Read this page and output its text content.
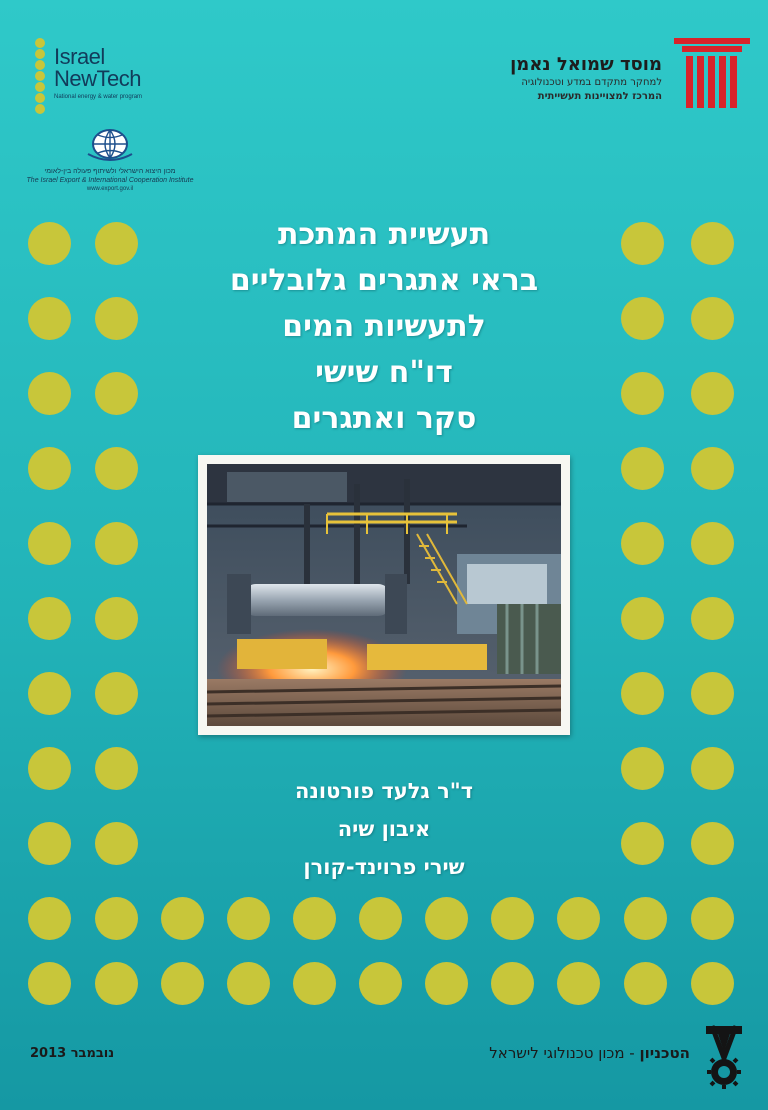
Israel
NewTech
National energy & water program
מכון היצוא הישראלי ולשיתוף פעולה בין-לאומי
The Israel Export & International Cooperation Institute
www.export.gov.il
מוסד שמואל נאמן
למחקר מתקדם במדע וטכנולוגיה
המרכז למצויינות תעשייתית
תעשיית המתכת
בראי אתגרים גלובליים
לתעשיות המים
דו"ח שישי
סקר ואתגרים
ד"ר גלעד פורטונה
איבון שיה
שירי פרוינד-קורן
נובמבר 2013	הטכניון - מכון טכנולוגי לישראל
